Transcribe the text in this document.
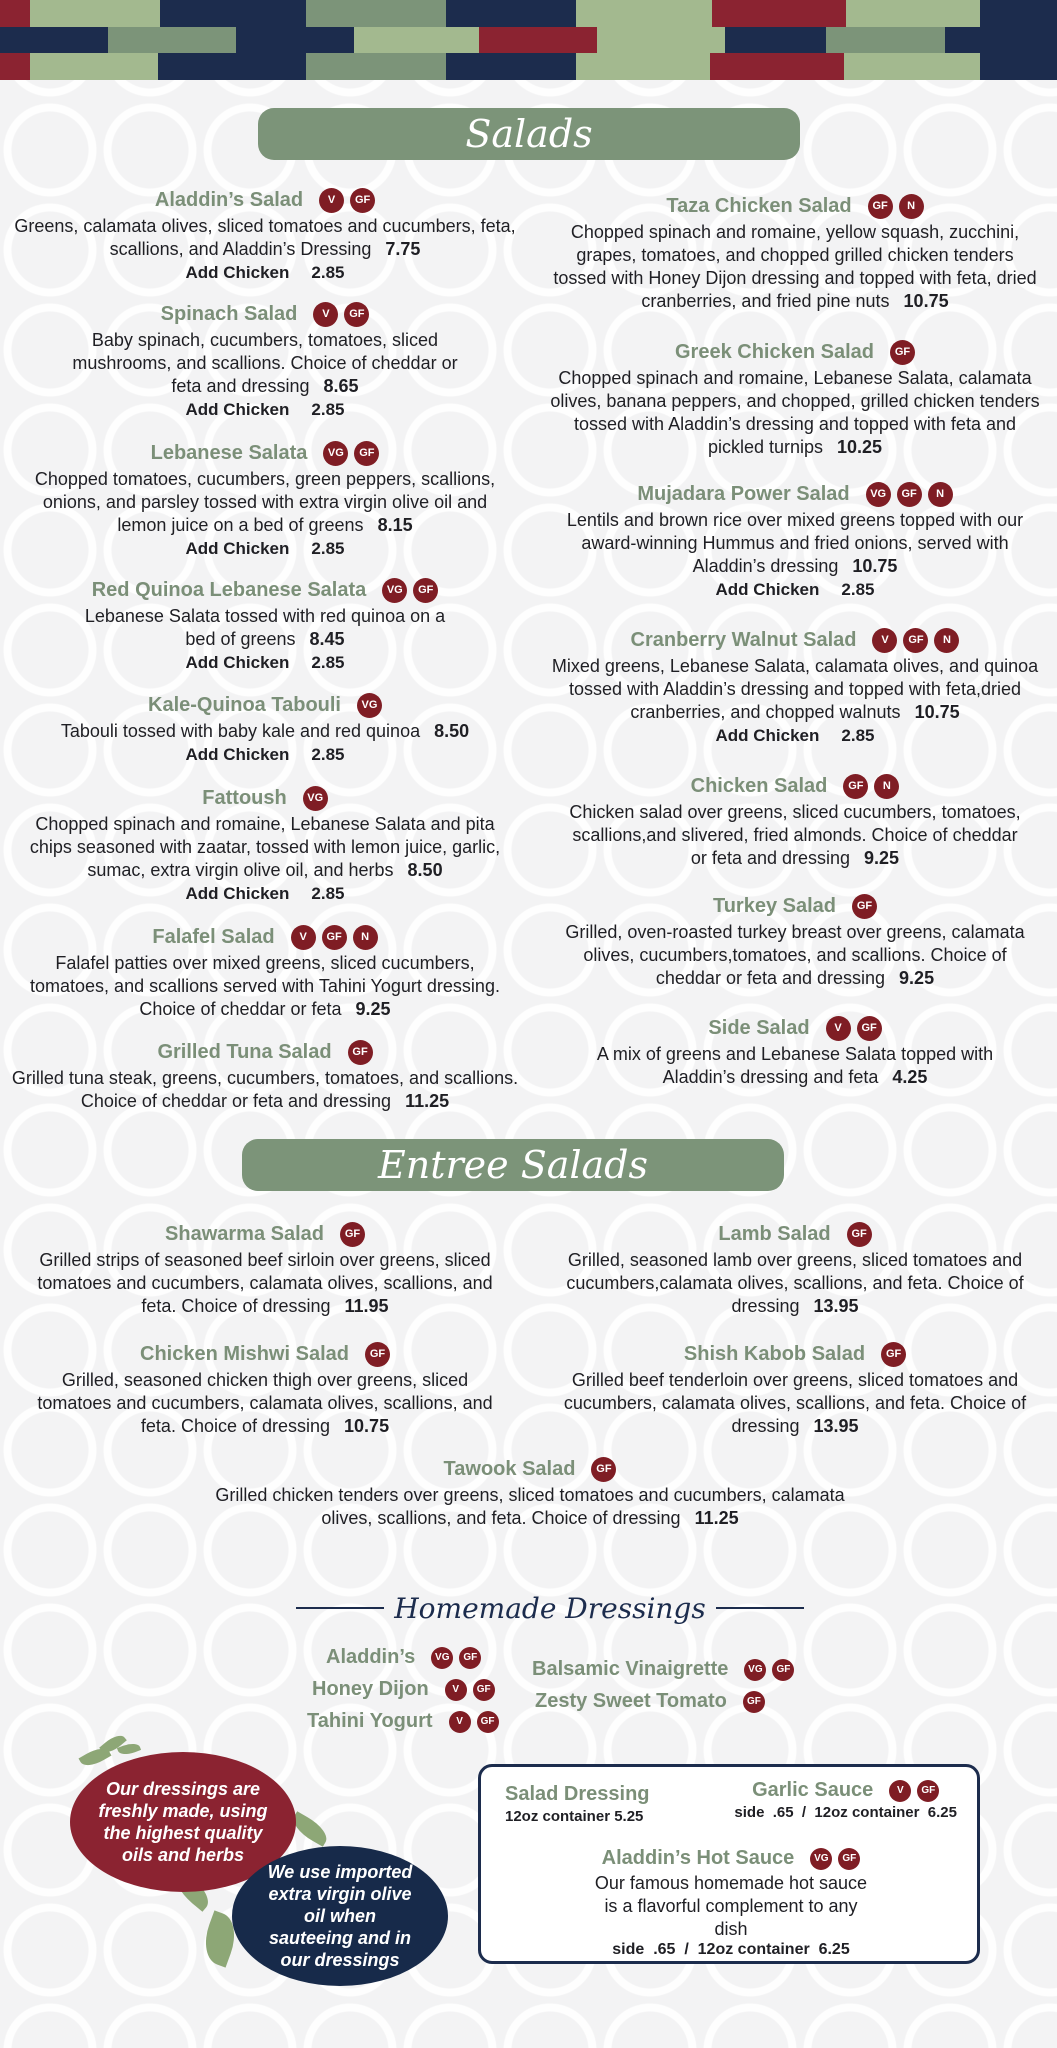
Salads
Aladdin’s Salad V GF
Greens, calamata olives, sliced tomatoes and cucumbers, feta, scallions, and Aladdin’s Dressing 7.75
Add Chicken 2.85
Spinach Salad V GF
Baby spinach, cucumbers, tomatoes, sliced mushrooms, and scallions. Choice of cheddar or feta and dressing 8.65
Add Chicken 2.85
Lebanese Salata VG GF
Chopped tomatoes, cucumbers, green peppers, scallions, onions, and parsley tossed with extra virgin olive oil and lemon juice on a bed of greens 8.15
Add Chicken 2.85
Red Quinoa Lebanese Salata VG GF
Lebanese Salata tossed with red quinoa on a bed of greens 8.45
Add Chicken 2.85
Kale-Quinoa Tabouli VG
Tabouli tossed with baby kale and red quinoa 8.50
Add Chicken 2.85
Fattoush VG
Chopped spinach and romaine, Lebanese Salata and pita chips seasoned with zaatar, tossed with lemon juice, garlic, sumac, extra virgin olive oil, and herbs 8.50
Add Chicken 2.85
Falafel Salad V GF N
Falafel patties over mixed greens, sliced cucumbers, tomatoes, and scallions served with Tahini Yogurt dressing. Choice of cheddar or feta 9.25
Grilled Tuna Salad GF
Grilled tuna steak, greens, cucumbers, tomatoes, and scallions. Choice of cheddar or feta and dressing 11.25
Taza Chicken Salad GF N
Chopped spinach and romaine, yellow squash, zucchini, grapes, tomatoes, and chopped grilled chicken tenders tossed with Honey Dijon dressing and topped with feta, dried cranberries, and fried pine nuts 10.75
Greek Chicken Salad GF
Chopped spinach and romaine, Lebanese Salata, calamata olives, banana peppers, and chopped, grilled chicken tenders tossed with Aladdin’s dressing and topped with feta and pickled turnips 10.25
Mujadara Power Salad VG GF N
Lentils and brown rice over mixed greens topped with our award-winning Hummus and fried onions, served with Aladdin’s dressing 10.75
Add Chicken 2.85
Cranberry Walnut Salad V GF N
Mixed greens, Lebanese Salata, calamata olives, and quinoa tossed with Aladdin’s dressing and topped with feta,dried cranberries, and chopped walnuts 10.75
Add Chicken 2.85
Chicken Salad GF N
Chicken salad over greens, sliced cucumbers, tomatoes, scallions,and slivered, fried almonds. Choice of cheddar or feta and dressing 9.25
Turkey Salad GF
Grilled, oven-roasted turkey breast over greens, calamata olives, cucumbers,tomatoes, and scallions. Choice of cheddar or feta and dressing 9.25
Side Salad V GF
A mix of greens and Lebanese Salata topped with Aladdin’s dressing and feta 4.25
Entree Salads
Shawarma Salad GF
Grilled strips of seasoned beef sirloin over greens, sliced tomatoes and cucumbers, calamata olives, scallions, and feta. Choice of dressing 11.95
Lamb Salad GF
Grilled, seasoned lamb over greens, sliced tomatoes and cucumbers,calamata olives, scallions, and feta. Choice of dressing 13.95
Chicken Mishwi Salad GF
Grilled, seasoned chicken thigh over greens, sliced tomatoes and cucumbers, calamata olives, scallions, and feta. Choice of dressing 10.75
Shish Kabob Salad GF
Grilled beef tenderloin over greens, sliced tomatoes and cucumbers, calamata olives, scallions, and feta. Choice of dressing 13.95
Tawook Salad GF
Grilled chicken tenders over greens, sliced tomatoes and cucumbers, calamata olives, scallions, and feta. Choice of dressing 11.25
Homemade Dressings
Aladdin’s VG GF
Honey Dijon V GF
Tahini Yogurt V GF
Balsamic Vinaigrette VG GF
Zesty Sweet Tomato GF
Our dressings are freshly made, using the highest quality oils and herbs
We use imported extra virgin olive oil when sauteeing and in our dressings
Salad Dressing
12oz container 5.25
Garlic Sauce V GF
side  .65  /  12oz container  6.25
Aladdin’s Hot Sauce VG GF
Our famous homemade hot sauce is a flavorful complement to any dish
side  .65  /  12oz container  6.25
